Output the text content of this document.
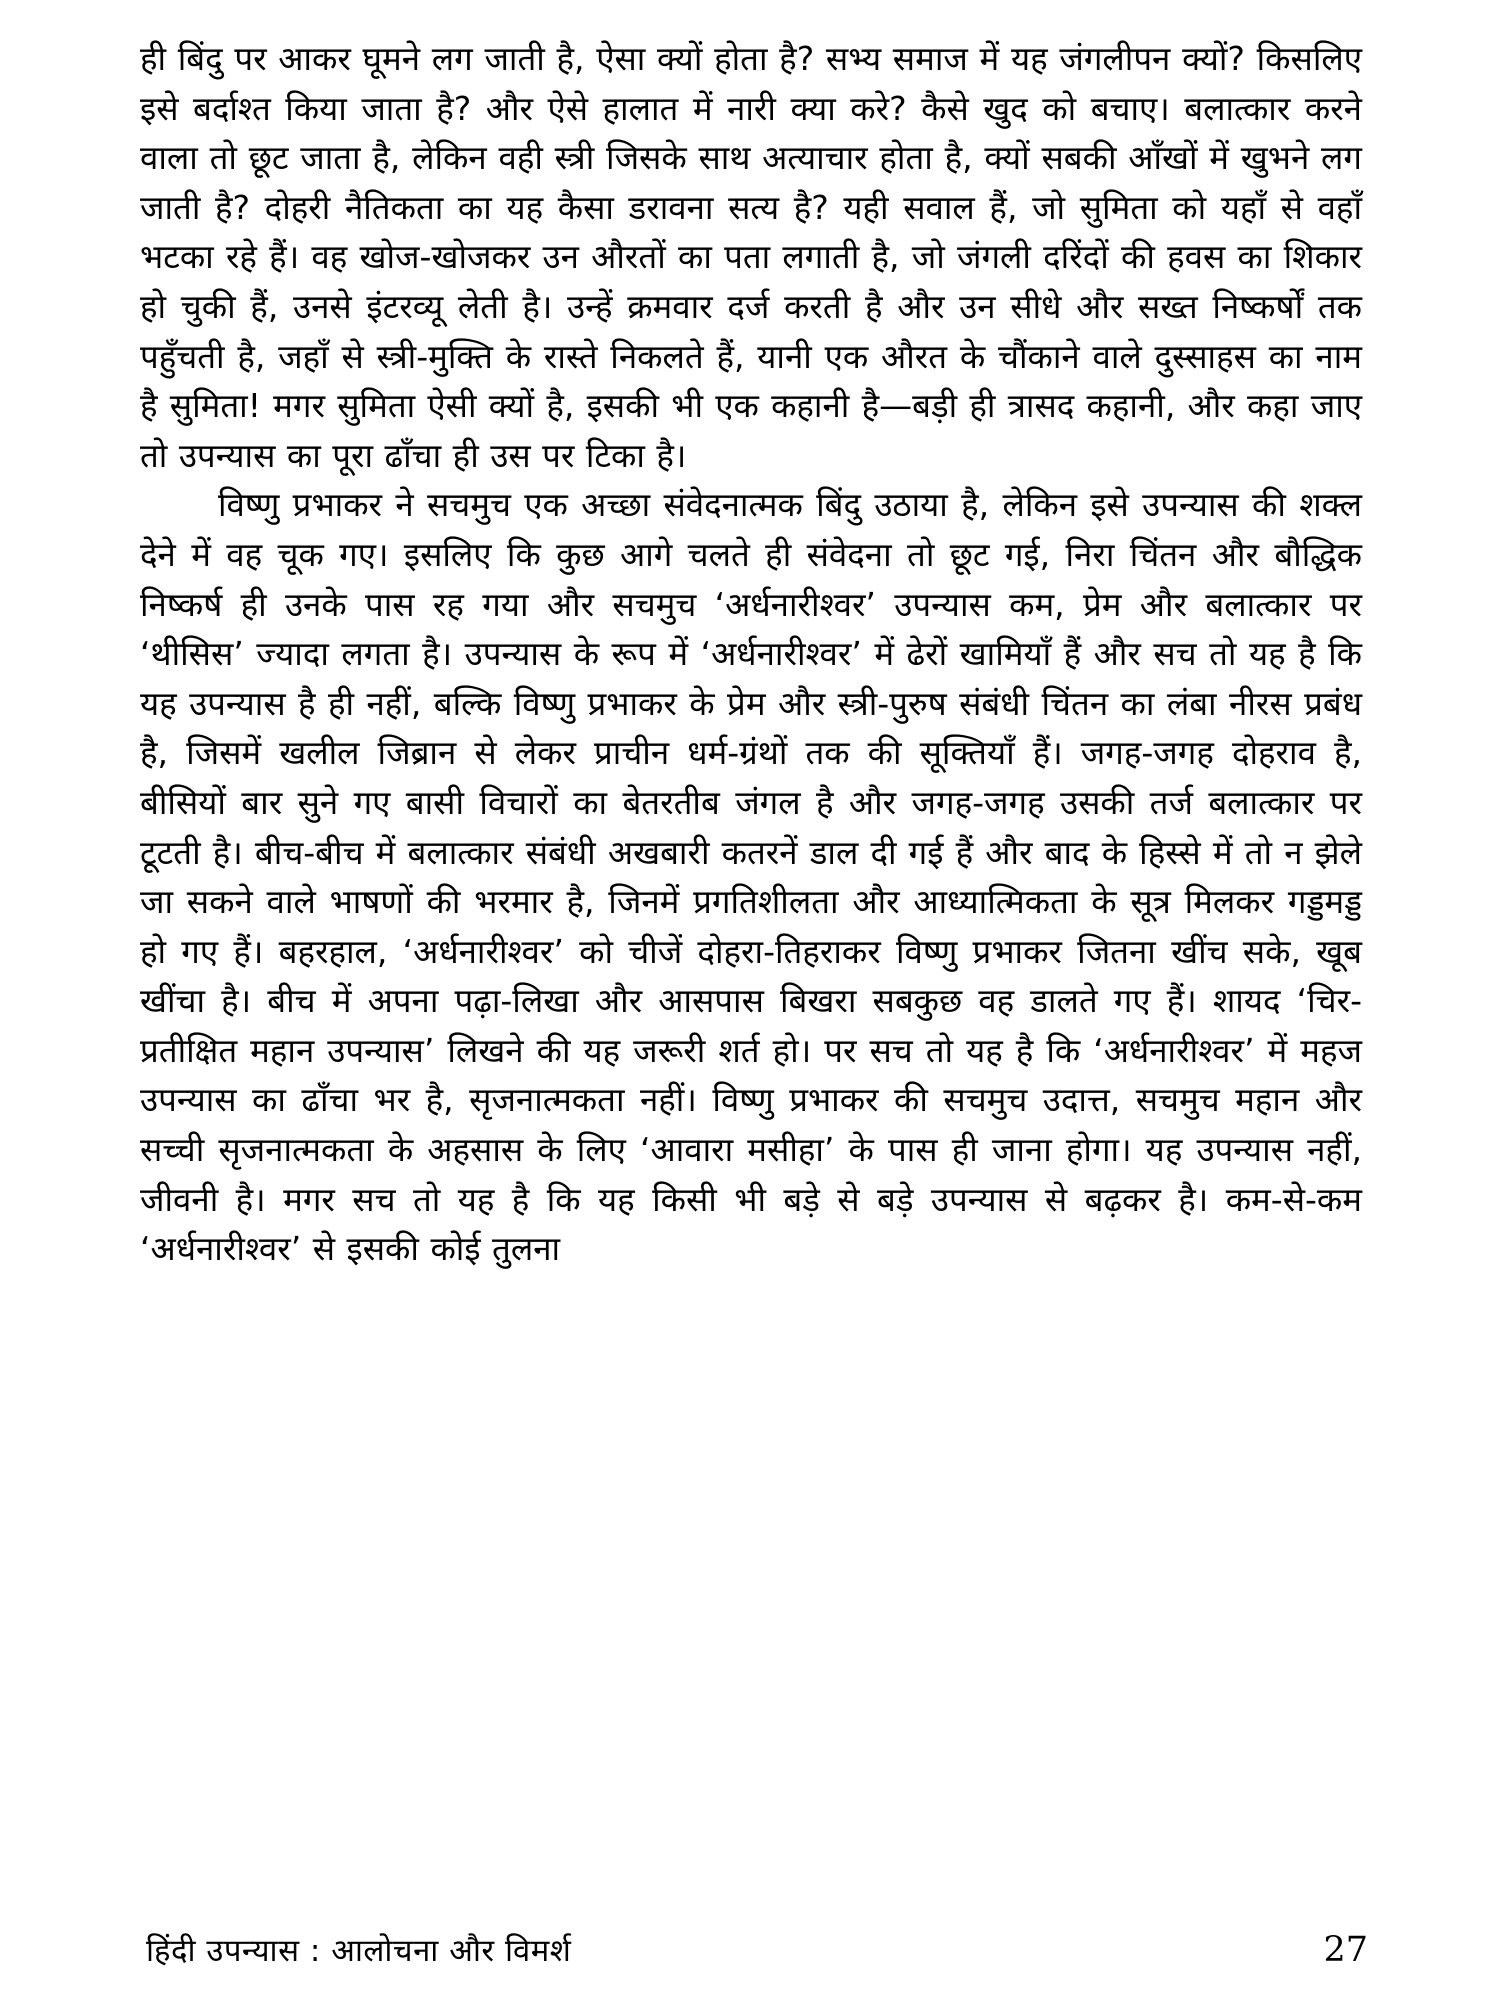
ही बिंदु पर आकर घूमने लग जाती है, ऐसा क्यों होता है? सभ्य समाज में यह जंगलीपन क्यों? किसलिए इसे बर्दाश्त किया जाता है? और ऐसे हालात में नारी क्या करे? कैसे खुद को बचाए। बलात्कार करने वाला तो छूट जाता है, लेकिन वही स्त्री जिसके साथ अत्याचार होता है, क्यों सबकी आँखों में खुभने लग जाती है? दोहरी नैतिकता का यह कैसा डरावना सत्य है? यही सवाल हैं, जो सुमिता को यहाँ से वहाँ भटका रहे हैं। वह खोज-खोजकर उन औरतों का पता लगाती है, जो जंगली दरिंदों की हवस का शिकार हो चुकी हैं, उनसे इंटरव्यू लेती है। उन्हें क्रमवार दर्ज करती है और उन सीधे और सख्त निष्कर्षों तक पहुँचती है, जहाँ से स्त्री-मुक्ति के रास्ते निकलते हैं, यानी एक औरत के चौंकाने वाले दुस्साहस का नाम है सुमिता! मगर सुमिता ऐसी क्यों है, इसकी भी एक कहानी है—बड़ी ही त्रासद कहानी, और कहा जाए तो उपन्यास का पूरा ढाँचा ही उस पर टिका है।

विष्णु प्रभाकर ने सचमुच एक अच्छा संवेदनात्मक बिंदु उठाया है, लेकिन इसे उपन्यास की शक्ल देने में वह चूक गए। इसलिए कि कुछ आगे चलते ही संवेदना तो छूट गई, निरा चिंतन और बौद्धिक निष्कर्ष ही उनके पास रह गया और सचमुच ‘अर्धनारीश्वर’ उपन्यास कम, प्रेम और बलात्कार पर ‘थीसिस’ ज्यादा लगता है। उपन्यास के रूप में ‘अर्धनारीश्वर’ में ढेरों खामियाँ हैं और सच तो यह है कि यह उपन्यास है ही नहीं, बल्कि विष्णु प्रभाकर के प्रेम और स्त्री-पुरुष संबंधी चिंतन का लंबा नीरस प्रबंध है, जिसमें खलील जिब्रान से लेकर प्राचीन धर्म-ग्रंथों तक की सूक्तियाँ हैं। जगह-जगह दोहराव है, बीसियों बार सुने गए बासी विचारों का बेतरतीब जंगल है और जगह-जगह उसकी तर्ज बलात्कार पर टूटती है। बीच-बीच में बलात्कार संबंधी अखबारी कतरनें डाल दी गई हैं और बाद के हिस्से में तो न झेले जा सकने वाले भाषणों की भरमार है, जिनमें प्रगतिशीलता और आध्यात्मिकता के सूत्र मिलकर गड्डमड्ड हो गए हैं। बहरहाल, ‘अर्धनारीश्वर’ को चीजें दोहरा-तिहराकर विष्णु प्रभाकर जितना खींच सके, खूब खींचा है। बीच में अपना पढ़ा-लिखा और आसपास बिखरा सबकुछ वह डालते गए हैं। शायद ‘चिर-प्रतीक्षित महान उपन्यास’ लिखने की यह जरूरी शर्त हो। पर सच तो यह है कि ‘अर्धनारीश्वर’ में महज उपन्यास का ढाँचा भर है, सृजनात्मकता नहीं। विष्णु प्रभाकर की सचमुच उदात्त, सचमुच महान और सच्ची सृजनात्मकता के अहसास के लिए ‘आवारा मसीहा’ के पास ही जाना होगा। यह उपन्यास नहीं, जीवनी है। मगर सच तो यह है कि यह किसी भी बड़े से बड़े उपन्यास से बढ़कर है। कम-से-कम ‘अर्धनारीश्वर’ से इसकी कोई तुलना

हिंदी उपन्यास : आलोचना और विमर्श	27
